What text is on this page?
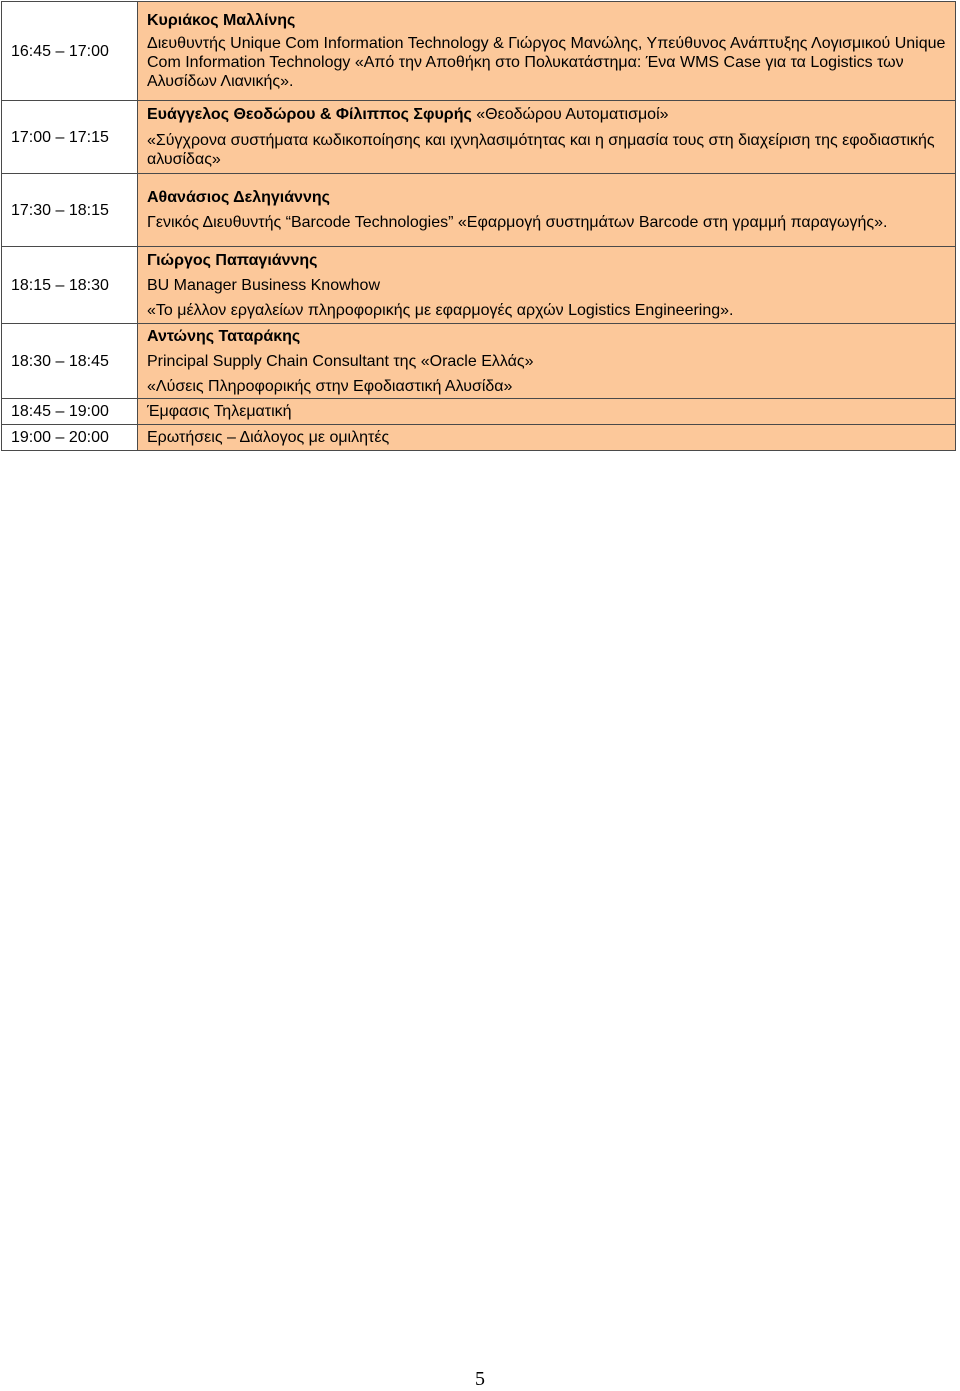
16:45 – 17:00	Κυριάκος Μαλλίνης
Διευθυντής Unique Com Information Technology & Γιώργος Μανώλης, Υπεύθυνος Ανάπτυξης Λογισμικού Unique Com Information Technology «Από την Αποθήκη στο Πολυκατάστημα: Ένα WMS Case για τα Logistics των Αλυσίδων Λιανικής».

17:00 – 17:15	Ευάγγελος Θεοδώρου & Φίλιππος Σφυρής «Θεοδώρου Αυτοματισμοί»
«Σύγχρονα συστήματα κωδικοποίησης και ιχνηλασιμότητας και η σημασία τους στη διαχείριση της εφοδιαστικής αλυσίδας»

17:30 – 18:15	Αθανάσιος Δεληγιάννης
Γενικός Διευθυντής “Barcode Technologies” «Εφαρμογή συστημάτων Barcode στη γραμμή παραγωγής».

18:15 – 18:30	Γιώργος Παπαγιάννης
BU Manager Business Knowhow
«Το μέλλον εργαλείων πληροφορικής με εφαρμογές αρχών Logistics Engineering».

18:30 – 18:45	Αντώνης Ταταράκης
Principal Supply Chain Consultant της «Oracle Ελλάς»
«Λύσεις Πληροφορικής στην Εφοδιαστική Αλυσίδα»

18:45 – 19:00	Έμφασις Τηλεματική
19:00 – 20:00	Ερωτήσεις – Διάλογος με ομιλητές
5
